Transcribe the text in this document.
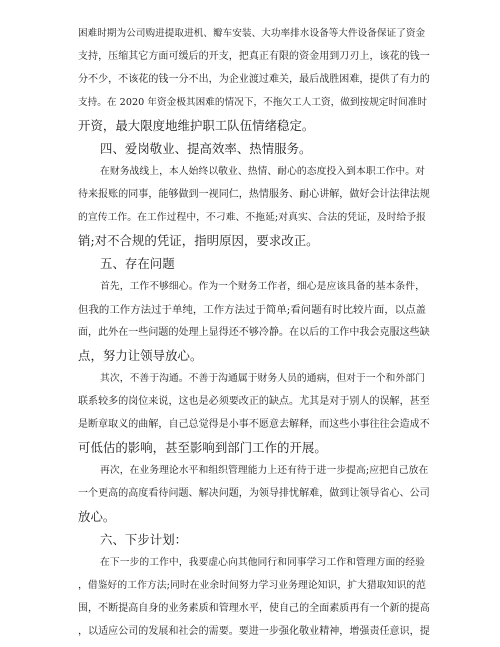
困难时期为公司购进提取进机、瓣车安装、大功率排水设备等大件设备保证了资金
支持，压缩其它方面可缓后的开支，把真正有限的资金用到刀刃上，该花的钱一
分不少，不该花的钱一分不出，为企业渡过难关，最后战胜困难，提供了有力的
支持。在 2020 年资金极其困难的情况下，不拖欠工人工资，做到按规定时间准时
开资，最大限度地维护职工队伍情绪稳定。
四、爱岗敬业、提高效率、热情服务。
在财务战线上，本人始终以敬业、热情、耐心的态度投入到本职工作中。对
待来报账的同事，能够做到一视同仁，热情服务、耐心讲解，做好会计法律法规
的宣传工作。在工作过程中，不刁难、不拖延;对真实、合法的凭证，及时给予报
销;对不合规的凭证，指明原因，要求改正。
五、存在问题
首先，工作不够细心。作为一个财务工作者，细心是应该具备的基本条件，
但我的工作方法过于单纯，工作方法过于简单;看问题有时比较片面，以点盖
面，此外在一些问题的处理上显得还不够冷静。在以后的工作中我会克服这些缺
点，努力让领导放心。
其次，不善于沟通。不善于沟通属于财务人员的通病，但对于一个和外部门
联系较多的岗位来说，这也是必须要改正的缺点。尤其是对于别人的误解，甚至
是断章取义的曲解，自己总觉得是小事不愿意去解释，而这些小事往往会造成不
可低估的影响，甚至影响到部门工作的开展。
再次，在业务理论水平和组织管理能力上还有待于进一步提高;应把自己放在
一个更高的高度看待问题、解决问题，为领导排忧解难，做到让领导省心、公司
放心。
六、下步计划：
在下一步的工作中，我要虚心向其他同行和同事学习工作和管理方面的经验
，借鉴好的工作方法;同时在业余时间努力学习业务理论知识，扩大猎取知识的范
围，不断提高自身的业务素质和管理水平，使自己的全面素质再有一个新的提高
，以适应公司的发展和社会的需要。要进一步强化敬业精神，增强责任意识，提
